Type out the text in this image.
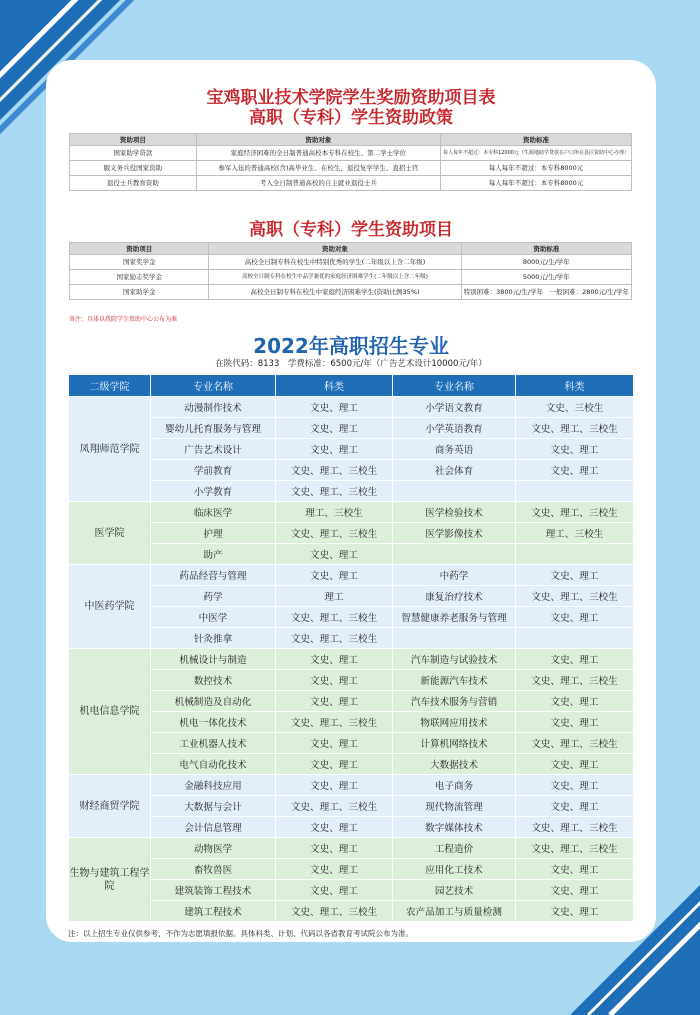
宝鸡职业技术学院学生奖励资助项目表
高职（专科）学生资助政策
资助项目	资助对象	资助标准
国家助学贷款	家庭经济困难的全日制普通高校本专科在校生、第二学士学位	每人每年不超过：本专科12000元（生源地助学贷款在户口所在县区资助中心办理）
服义务兵役国家资助	参军入伍的普通高校(含)高毕业生、在校生、退役复学学生、直招士官	每人每年不超过：本专科8000元
退役士兵教育资助	考入全日制普通高校的自主就业退役士兵	每人每年不超过：本专科8000元
高职（专科）学生资助项目
资助项目	资助对象	资助标准
国家奖学金	高校全日制专科在校生中特别优秀的学生(二年级以上含二年级)	8000元/生/学年
国家励志奖学金	高校全日制专科在校生中品学兼优的家庭经济困难学生(二年级以上含二年级)	5000元/生/学年
国家助学金	高校全日制专科在校生中家庭经济困难学生(资助比例35%)	特别困难：3800元/生/学年　一般困难：2800元/生/学年
备注：具体以我院学生资助中心公布为准
2022年高职招生专业
在陕代码：8133　学费标准：6500元/年（广告艺术设计10000元/年）
二级学院	专业名称	科类	专业名称	科类
凤翔师范学院	动漫制作技术	文史、理工	小学语文教育	文史、三校生
	婴幼儿托育服务与管理	文史、理工	小学英语教育	文史、理工、三校生
	广告艺术设计	文史、理工	商务英语	文史、理工
	学前教育	文史、理工、三校生	社会体育	文史、理工
	小学教育	文史、理工、三校生		
医学院	临床医学	理工、三校生	医学检验技术	文史、理工、三校生
	护理	文史、理工、三校生	医学影像技术	理工、三校生
	助产	文史、理工		
中医药学院	药品经营与管理	文史、理工	中药学	文史、理工
	药学	理工	康复治疗技术	文史、理工、三校生
	中医学	文史、理工、三校生	智慧健康养老服务与管理	文史、理工
	针灸推拿	文史、理工、三校生		
机电信息学院	机械设计与制造	文史、理工	汽车制造与试验技术	文史、理工
	数控技术	文史、理工	新能源汽车技术	文史、理工、三校生
	机械制造及自动化	文史、理工	汽车技术服务与营销	文史、理工
	机电一体化技术	文史、理工、三校生	物联网应用技术	文史、理工
	工业机器人技术	文史、理工	计算机网络技术	文史、理工、三校生
	电气自动化技术	文史、理工	大数据技术	文史、理工
财经商贸学院	金融科技应用	文史、理工	电子商务	文史、理工
	大数据与会计	文史、理工、三校生	现代物流管理	文史、理工
	会计信息管理	文史、理工	数字媒体技术	文史、理工、三校生
生物与建筑工程学院	动物医学	文史、理工	工程造价	文史、理工、三校生
	畜牧兽医	文史、理工	应用化工技术	文史、理工
	建筑装饰工程技术	文史、理工	园艺技术	文史、理工
	建筑工程技术	文史、理工、三校生	农产品加工与质量检测	文史、理工
注：以上招生专业仅供参考，不作为志愿填报依据。具体科类、计划、代码以各省教育考试院公布为准。
